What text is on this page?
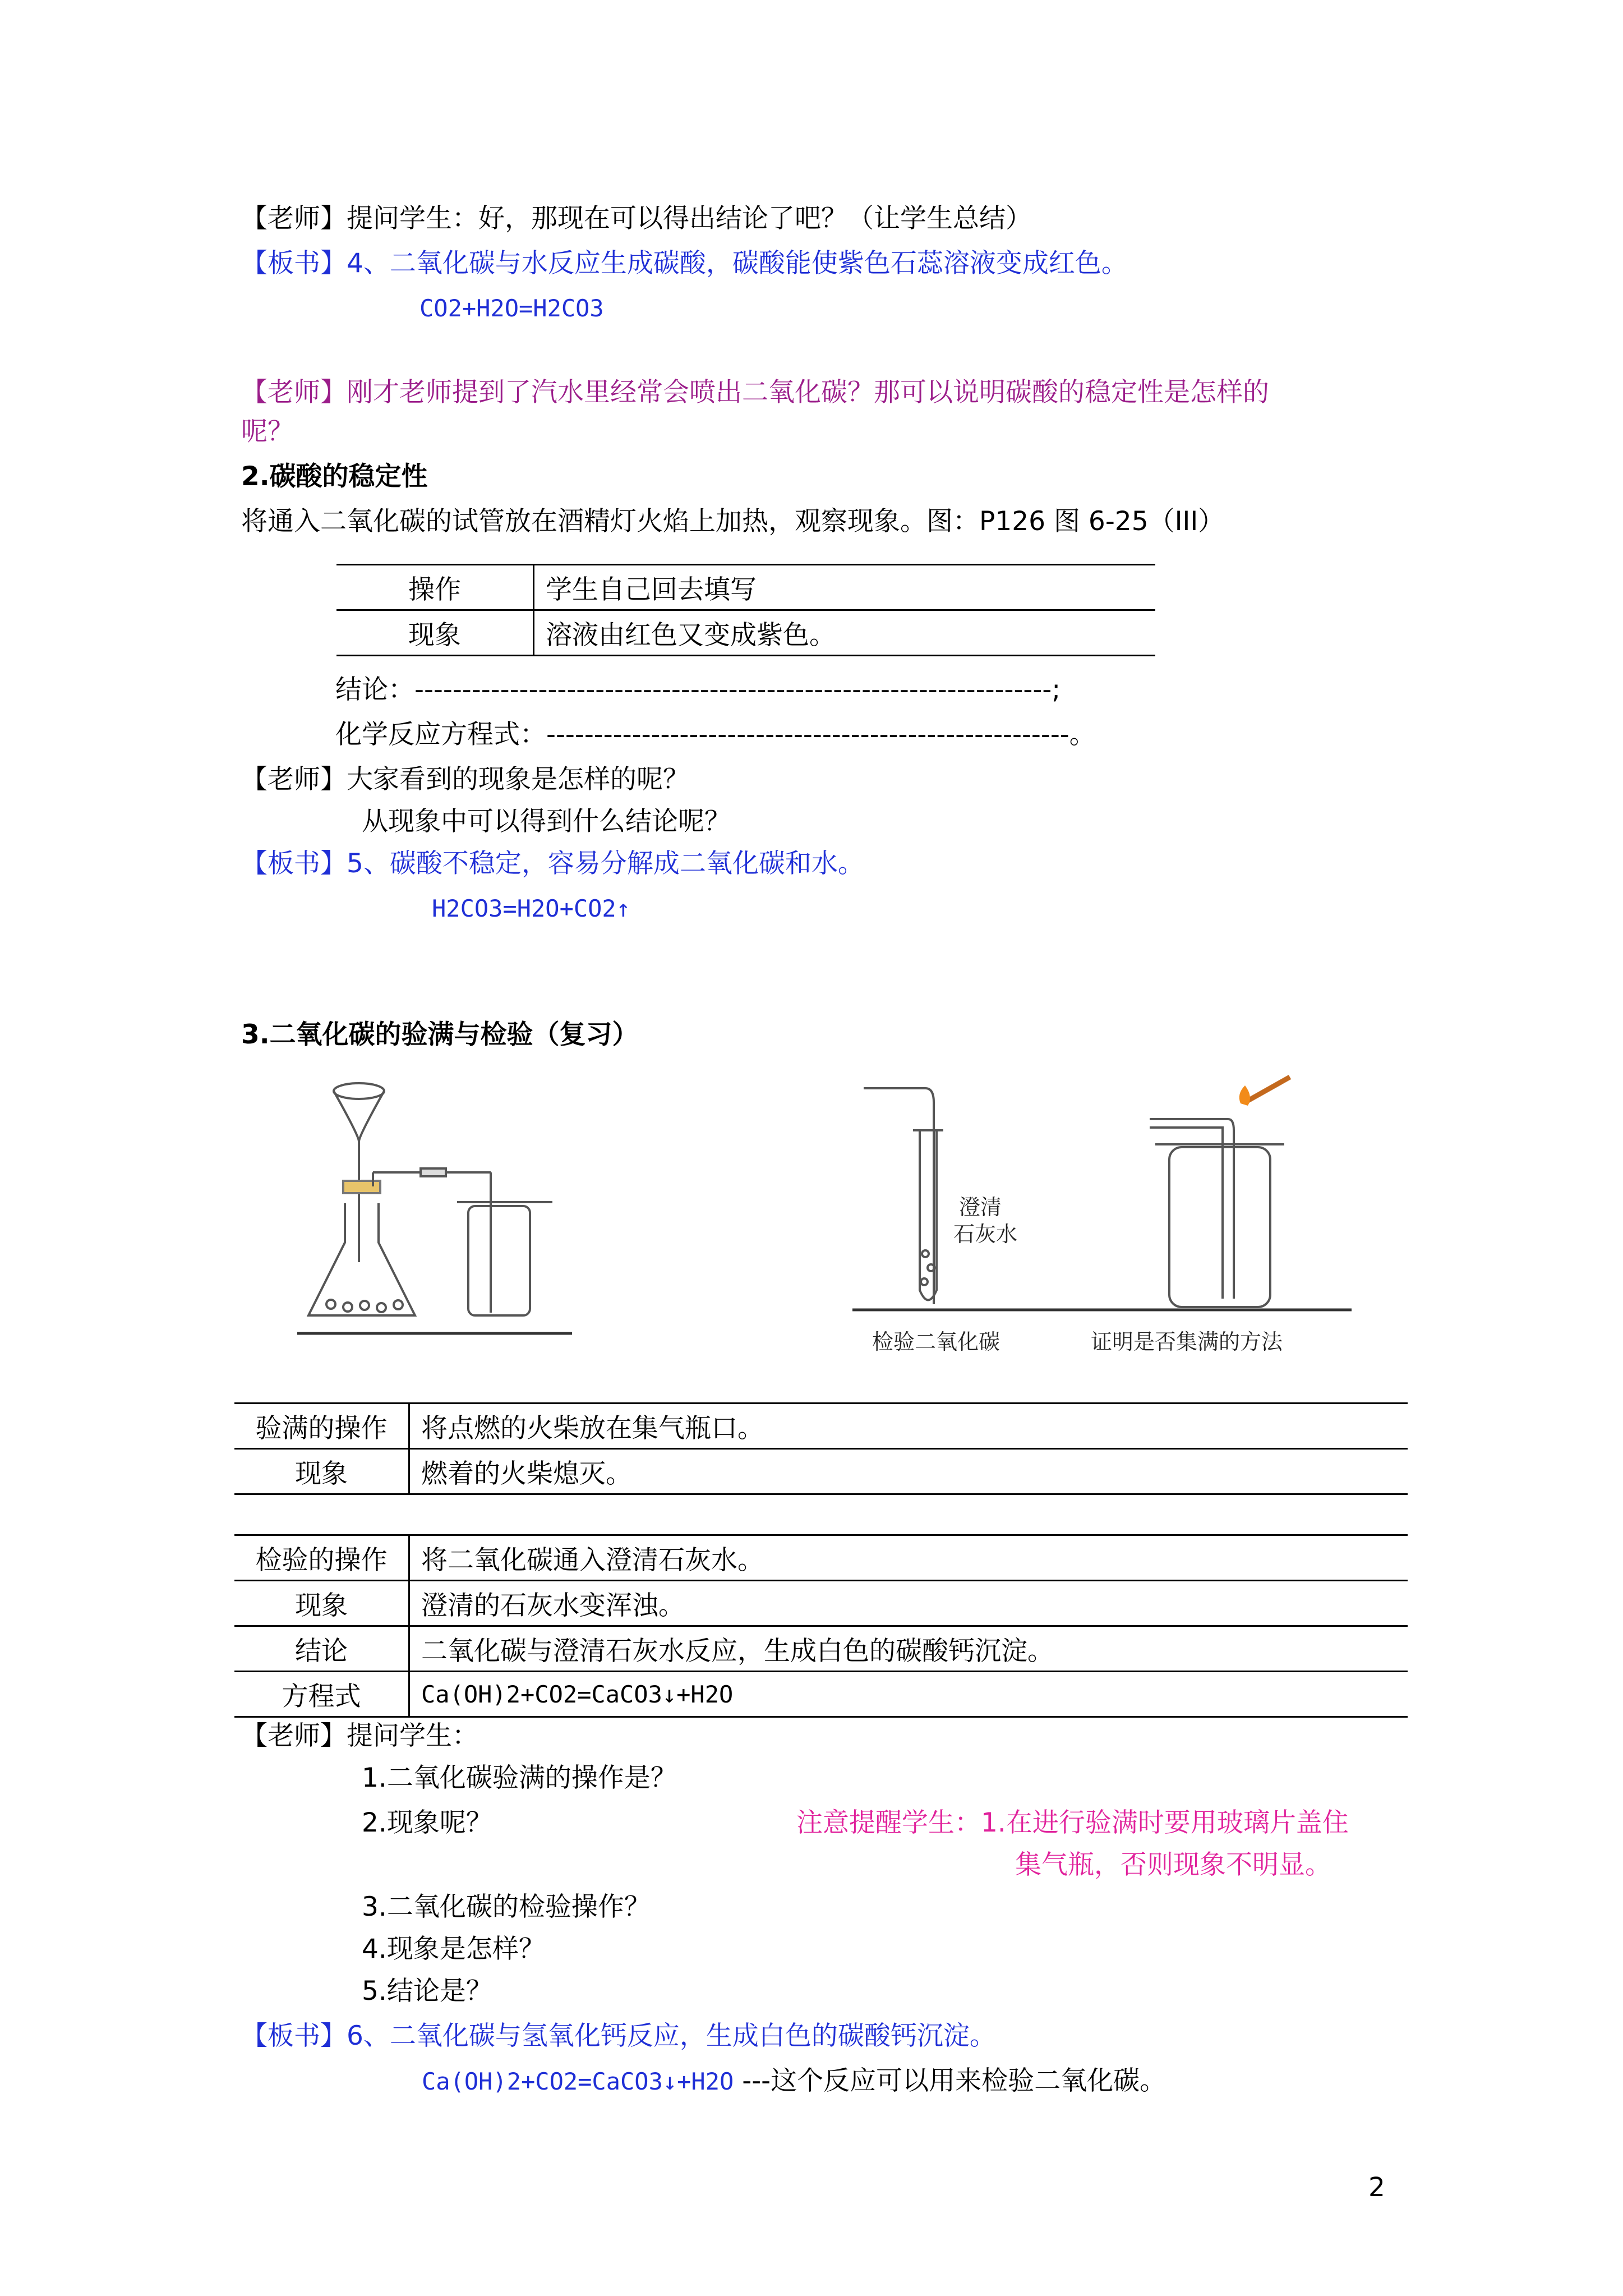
【老师】提问学生：好，那现在可以得出结论了吧？（让学生总结）
【板书】4、二氧化碳与水反应生成碳酸，碳酸能使紫色石蕊溶液变成红色。
CO2+H2O=H2CO3
【老师】刚才老师提到了汽水里经常会喷出二氧化碳？那可以说明碳酸的稳定性是怎样的
呢？
2.碳酸的稳定性
将通入二氧化碳的试管放在酒精灯火焰上加热，观察现象。图：P126 图 6-25（III）
操作	学生自己回去填写
现象	溶液由红色又变成紫色。
结论：-------------------------------------------------------------------;
化学反应方程式：-------------------------------------------------------。
【老师】大家看到的现象是怎样的呢？
从现象中可以得到什么结论呢？
【板书】5、碳酸不稳定，容易分解成二氧化碳和水。
H2CO3=H2O+CO2↑
3.二氧化碳的验满与检验（复习）
澄清
石灰水
检验二氧化碳	证明是否集满的方法
验满的操作	将点燃的火柴放在集气瓶口。
现象	燃着的火柴熄灭。
检验的操作	将二氧化碳通入澄清石灰水。
现象	澄清的石灰水变浑浊。
结论	二氧化碳与澄清石灰水反应，生成白色的碳酸钙沉淀。
方程式	Ca(OH)2+CO2=CaCO3↓+H2O
【老师】提问学生：
1.二氧化碳验满的操作是？
2.现象呢？	注意提醒学生：1.在进行验满时要用玻璃片盖住
集气瓶，否则现象不明显。
3.二氧化碳的检验操作？
4.现象是怎样？
5.结论是？
【板书】6、二氧化碳与氢氧化钙反应，生成白色的碳酸钙沉淀。
Ca(OH)2+CO2=CaCO3↓+H2O ---这个反应可以用来检验二氧化碳。
2
